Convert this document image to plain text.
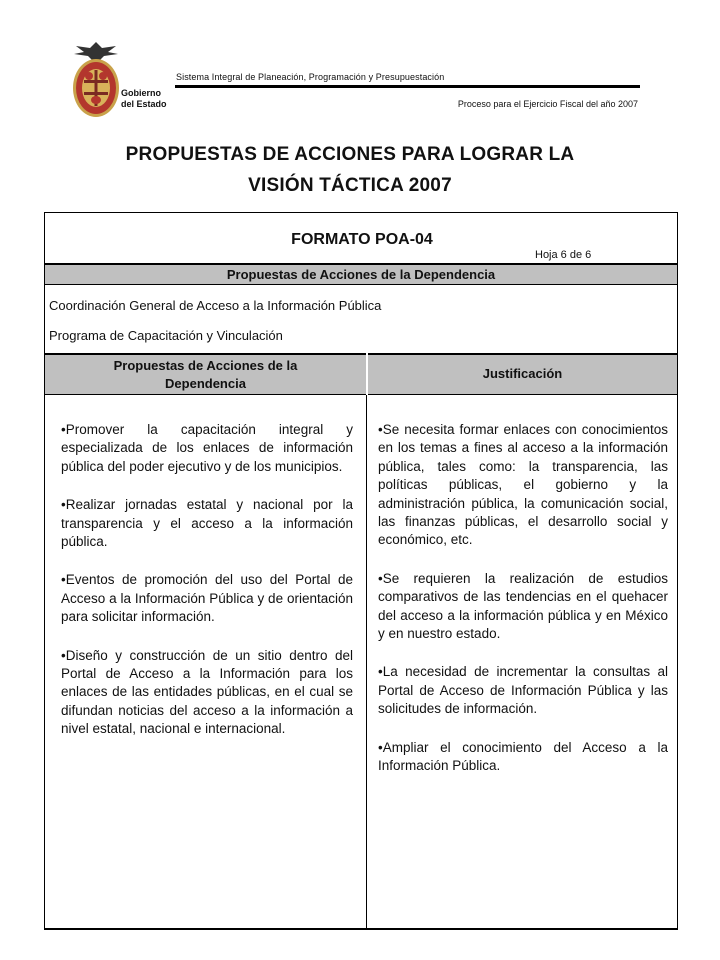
Gobierno
del Estado
Sistema Integral de Planeación, Programación y Presupuestación
Proceso para el Ejercicio Fiscal del año 2007
PROPUESTAS DE ACCIONES PARA LOGRAR LA
VISIÓN TÁCTICA 2007
FORMATO POA-04
Hoja 6 de 6
Propuestas de Acciones de la Dependencia
Coordinación General de Acceso a la Información Pública
Programa de Capacitación y Vinculación
Propuestas de Acciones de la
Dependencia
Justificación
•Promover la capacitación integral y especializada de los enlaces de información pública del poder ejecutivo y de los municipios.
•Realizar jornadas estatal y nacional por la transparencia y el acceso a la información pública.
•Eventos de promoción del uso del Portal de Acceso a la Información Pública y de orientación para solicitar información.
•Diseño y construcción de un sitio dentro del Portal de Acceso a la Información para los enlaces de las entidades públicas, en el cual se difundan noticias del acceso a la información a nivel estatal, nacional e internacional.
•Se necesita formar enlaces con conocimientos en los temas a fines al acceso a la información pública, tales como: la transparencia, las políticas públicas, el gobierno y la administración pública, la comunicación social, las finanzas públicas, el desarrollo social y económico, etc.
•Se requieren la realización de estudios comparativos de las tendencias en el quehacer del acceso a la información pública y en México y en nuestro estado.
•La necesidad de incrementar la consultas al Portal de Acceso de Información Pública y las solicitudes de información.
•Ampliar el conocimiento del Acceso a la Información Pública.
